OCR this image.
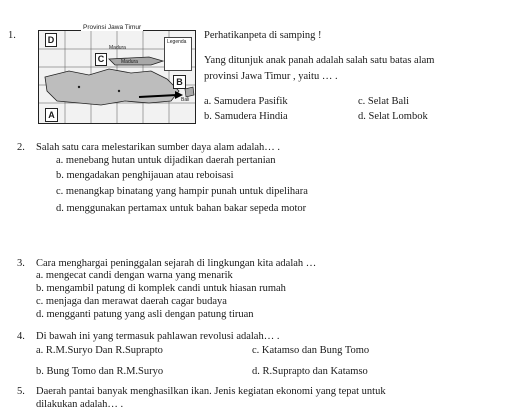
1.
Provinsi Jawa Timur
D
C
B
A
Legenda
Madura
Madura
Bali
Perhatikanpeta di samping !
Yang ditunjuk anak panah adalah salah satu batas alam
provinsi Jawa Timur , yaitu … .
a. Samudera Pasifik	c. Selat Bali
b. Samudera Hindia	d. Selat Lombok
2. Salah satu cara melestarikan sumber daya alam adalah… .
a. menebang hutan untuk dijadikan daerah pertanian
b. mengadakan penghijauan atau reboisasi
c. menangkap binatang yang hampir punah untuk dipelihara
d. menggunakan pertamax untuk bahan bakar sepeda motor
3. Cara menghargai peninggalan sejarah di lingkungan kita adalah …
a. mengecat candi dengan warna yang menarik
b. mengambil patung di komplek candi untuk hiasan rumah
c. menjaga dan merawat daerah cagar budaya
d. mengganti patung yang asli dengan patung tiruan
4. Di bawah ini yang termasuk pahlawan revolusi adalah… .
a. R.M.Suryo Dan R.Suprapto	c. Katamso dan Bung Tomo
b. Bung Tomo dan R.M.Suryo	d. R.Suprapto dan Katamso
5. Daerah pantai banyak menghasilkan ikan. Jenis kegiatan ekonomi yang tepat untuk
dilakukan adalah… .
